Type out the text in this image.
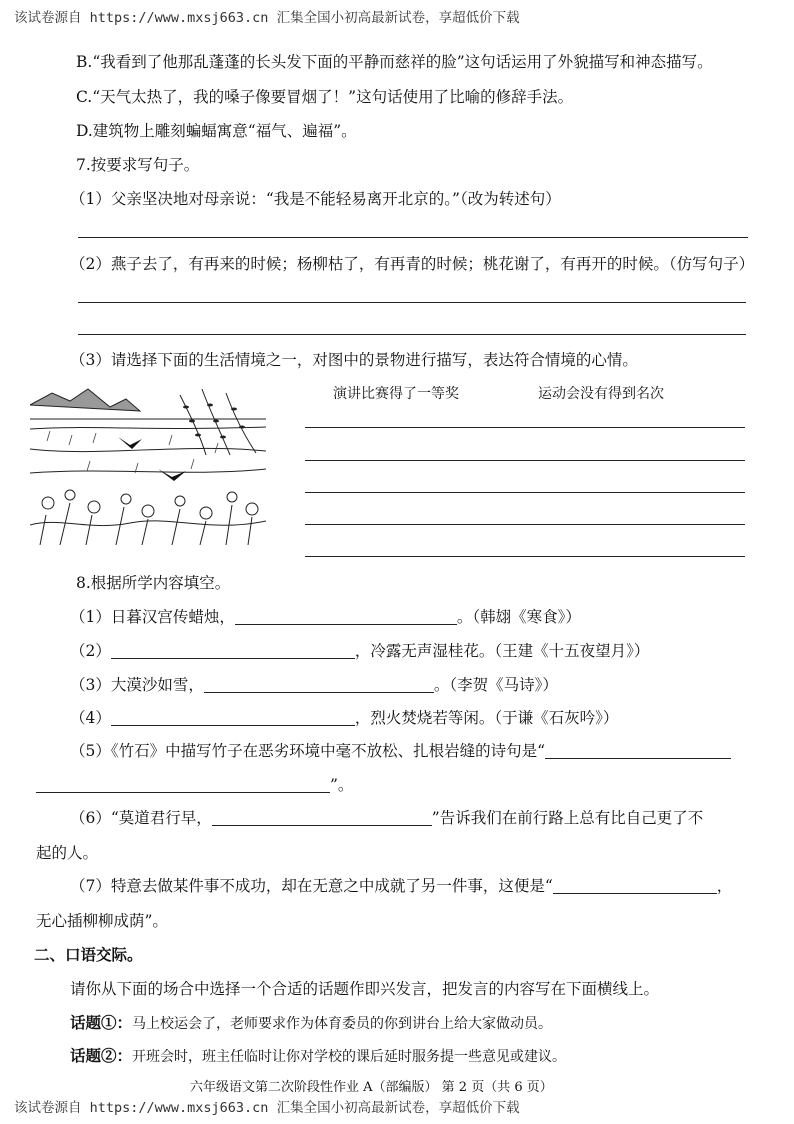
该试卷源自 https://www.mxsj663.cn 汇集全国小初高最新试卷，享超低价下载
B.“我看到了他那乱蓬蓬的长头发下面的平静而慈祥的脸”这句话运用了外貌描写和神态描写。
C.“天气太热了，我的嗓子像要冒烟了！”这句话使用了比喻的修辞手法。
D.建筑物上雕刻蝙蝠寓意“福气、遍福”。
7.按要求写句子。
（1）父亲坚决地对母亲说：“我是不能轻易离开北京的。”（改为转述句）
（2）燕子去了，有再来的时候；杨柳枯了，有再青的时候；桃花谢了，有再开的时候。（仿写句子）
（3）请选择下面的生活情境之一，对图中的景物进行描写，表达符合情境的心情。
演讲比赛得了一等奖	运动会没有得到名次
8.根据所学内容填空。
（1）日暮汉宫传蜡烛，	。（韩翃《寒食》）
（2）	，冷露无声湿桂花。（王建《十五夜望月》）
（3）大漠沙如雪，	。（李贺《马诗》）
（4）	，烈火焚烧若等闲。（于谦《石灰吟》）
（5）《竹石》中描写竹子在恶劣环境中毫不放松、扎根岩缝的诗句是“
”。
（6）“莫道君行早，	”告诉我们在前行路上总有比自己更了不
起的人。
（7）特意去做某件事不成功，却在无意之中成就了另一件事，这便是“	，
无心插柳柳成荫”。
二、口语交际。
请你从下面的场合中选择一个合适的话题作即兴发言，把发言的内容写在下面横线上。
话题①：马上校运会了，老师要求作为体育委员的你到讲台上给大家做动员。
话题②：开班会时，班主任临时让你对学校的课后延时服务提一些意见或建议。
六年级语文第二次阶段性作业 A（部编版） 第 2 页（共 6 页）
该试卷源自 https://www.mxsj663.cn 汇集全国小初高最新试卷，享超低价下载
